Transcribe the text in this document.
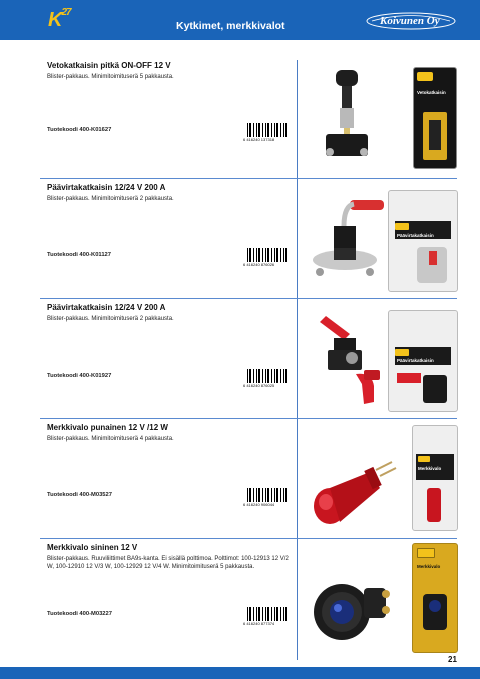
$K^{27}$
Kytkimet, merkkivalot	Koivunen Oy
Vetokatkaisin pitkä ON-OFF 12 V
Blister-pakkaus. Minimitoimituserä 5 pakkausta.
Tuotekoodi 400-K01627
6 416240 137318
Vetokatkaisin
Päävirtakatkaisin 12/24 V 200 A
Blister-pakkaus. Minimitoimituserä 2 pakkausta.
Tuotekoodi 400-K01127
6 416240 876026
Päävirtakatkaisin
Päävirtakatkaisin 12/24 V 200 A
Blister-pakkaus. Minimitoimituserä 2 pakkausta.
Tuotekoodi 400-K01927
6 416240 876025
Päävirtakatkaisin
Merkkivalo punainen 12 V /12 W
Blister-pakkaus. Minimitoimituserä 4 pakkausta.
Tuotekoodi 400-M03527
6 416240 906044
Merkkivalo
Merkkivalo sininen 12 V
Blister-pakkaus. Ruuviliittimet BA9s-kanta. Ei sisällä polttimoa. Polttimot: 100-12913 12 V/2 W, 100-12910 12 V/3 W, 100-12929 12 V/4 W. Minimitoimituserä 5 pakkausta.
Tuotekoodi 400-M03227
6 416240 877374
Merkkivalo
21
